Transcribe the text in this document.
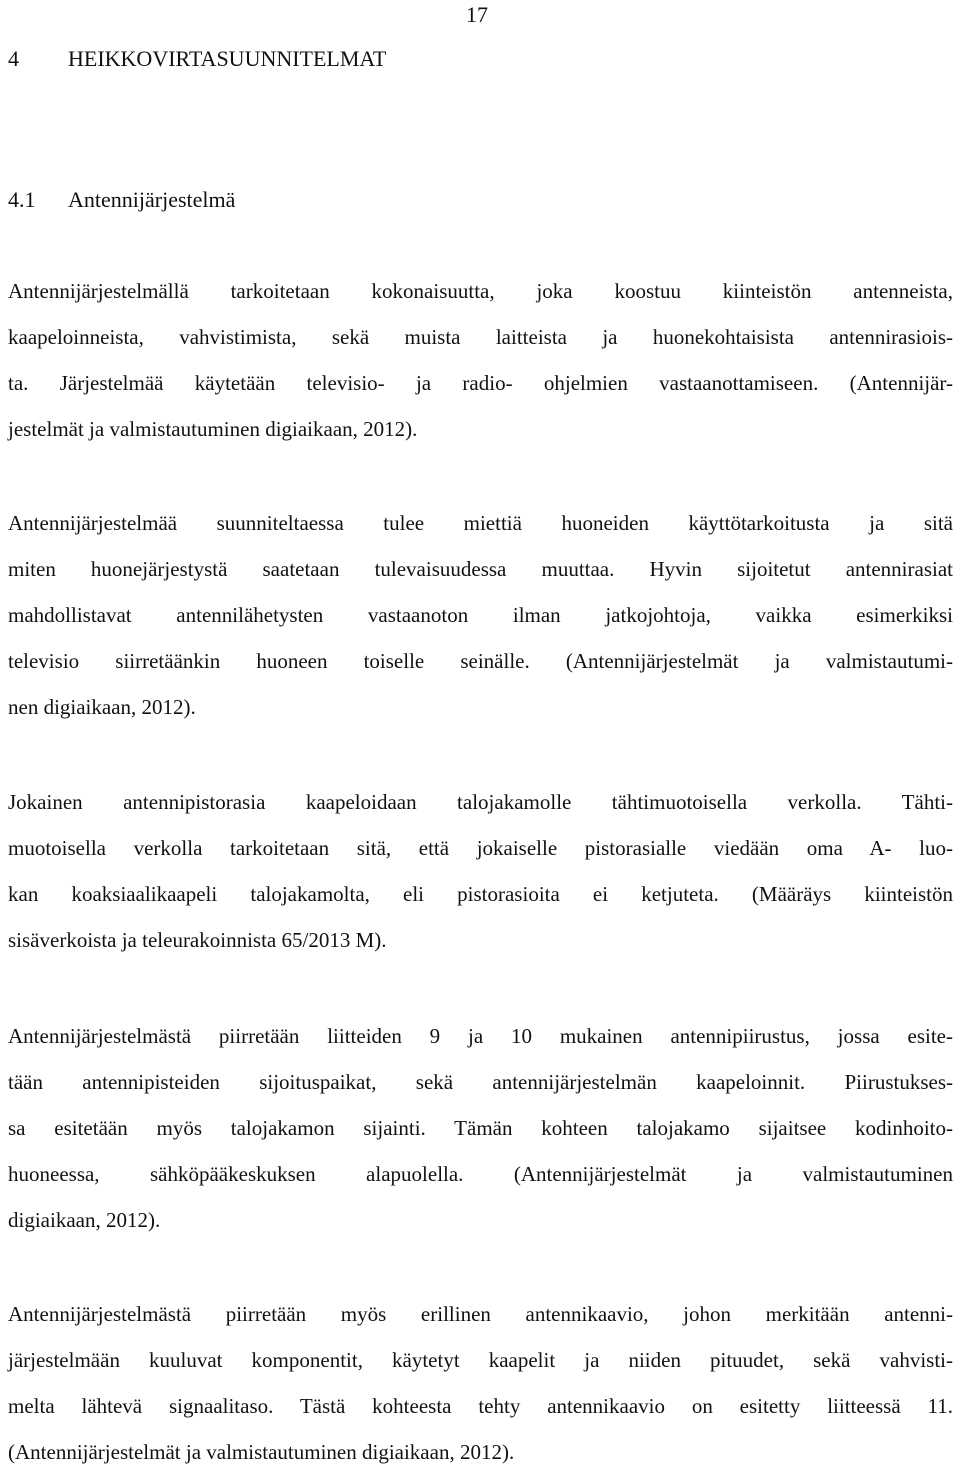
17
4 HEIKKOVIRTASUUNNITELMAT
4.1 Antennijärjestelmä
Antennijärjestelmällä tarkoitetaan kokonaisuutta, joka koostuu kiinteistön antenneista,
kaapeloinneista, vahvistimista, sekä muista laitteista ja huonekohtaisista antennirasiois-
ta. Järjestelmää käytetään televisio- ja radio- ohjelmien vastaanottamiseen. (Antennijär-
jestelmät ja valmistautuminen digiaikaan, 2012).
Antennijärjestelmää suunniteltaessa tulee miettiä huoneiden käyttötarkoitusta ja sitä
miten huonejärjestystä saatetaan tulevaisuudessa muuttaa. Hyvin sijoitetut antennirasiat
mahdollistavat antennilähetysten vastaanoton ilman jatkojohtoja, vaikka esimerkiksi
televisio siirretäänkin huoneen toiselle seinälle. (Antennijärjestelmät ja valmistautumi-
nen digiaikaan, 2012).
Jokainen antennipistorasia kaapeloidaan talojakamolle tähtimuotoisella verkolla. Tähti-
muotoisella verkolla tarkoitetaan sitä, että jokaiselle pistorasialle viedään oma A- luo-
kan koaksiaalikaapeli talojakamolta, eli pistorasioita ei ketjuteta. (Määräys kiinteistön
sisäverkoista ja teleurakoinnista 65/2013 M).
Antennijärjestelmästä piirretään liitteiden 9 ja 10 mukainen antennipiirustus, jossa esite-
tään antennipisteiden sijoituspaikat, sekä antennijärjestelmän kaapeloinnit. Piirustukses-
sa esitetään myös talojakamon sijainti. Tämän kohteen talojakamo sijaitsee kodinhoito-
huoneessa, sähköpääkeskuksen alapuolella. (Antennijärjestelmät ja valmistautuminen
digiaikaan, 2012).
Antennijärjestelmästä piirretään myös erillinen antennikaavio, johon merkitään antenni-
järjestelmään kuuluvat komponentit, käytetyt kaapelit ja niiden pituudet, sekä vahvisti-
melta lähtevä signaalitaso. Tästä kohteesta tehty antennikaavio on esitetty liitteessä 11.
(Antennijärjestelmät ja valmistautuminen digiaikaan, 2012).
